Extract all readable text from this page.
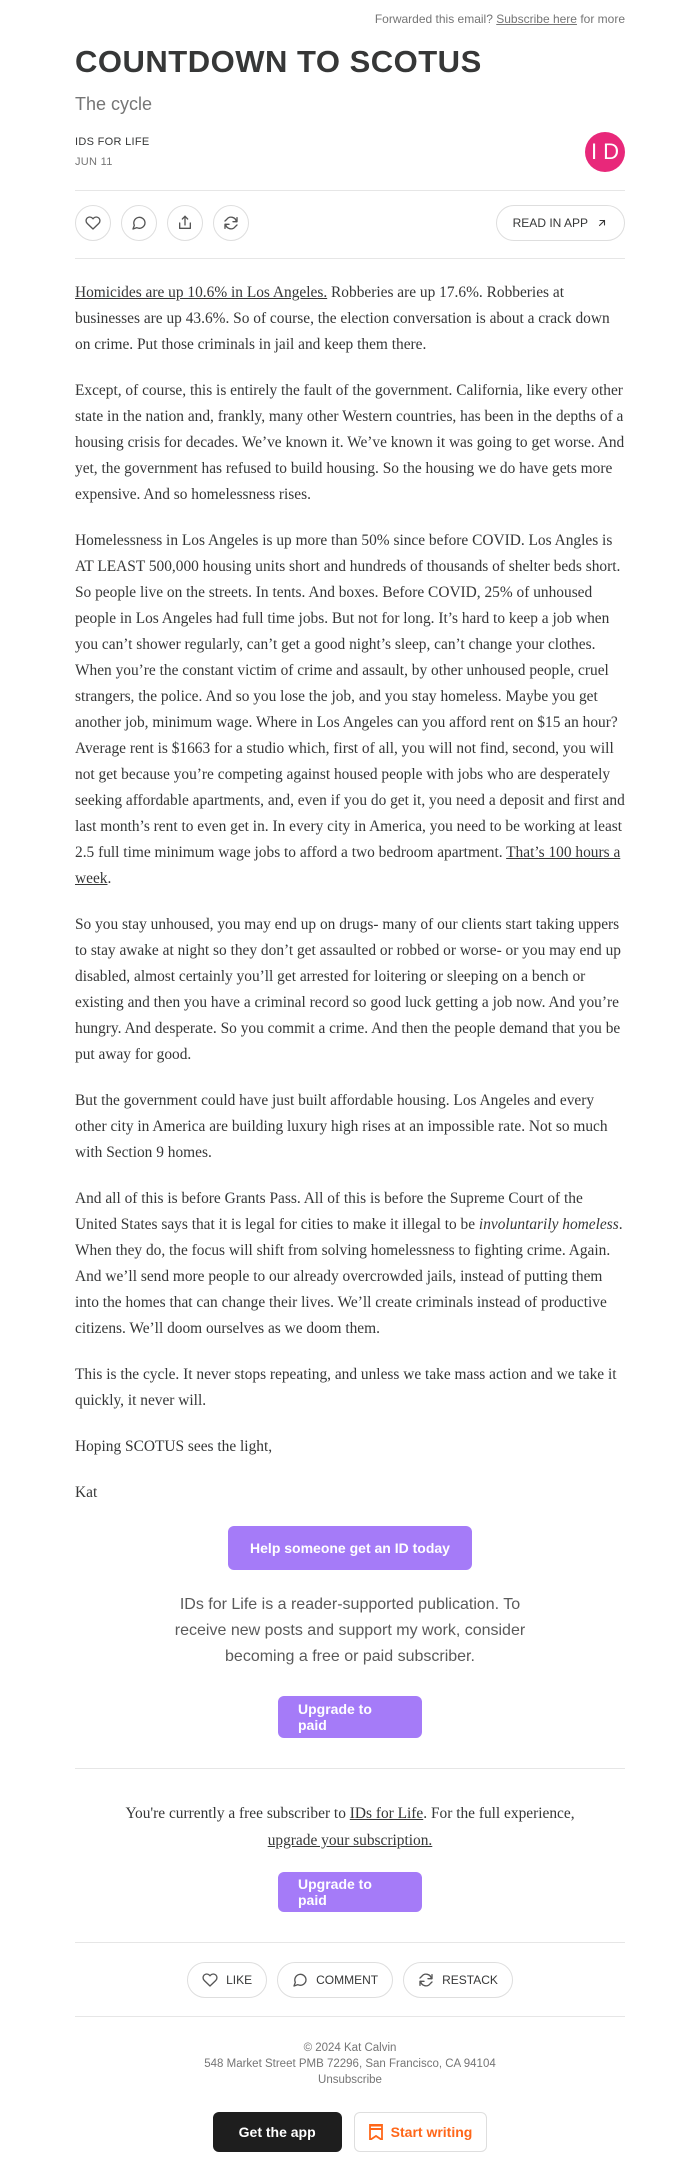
Forwarded this email? Subscribe here for more
COUNTDOWN TO SCOTUS
The cycle
IDS FOR LIFE
JUN 11	I D
READ IN APP

Homicides are up 10.6% in Los Angeles. Robberies are up 17.6%. Robberies at businesses are up 43.6%. So of course, the election conversation is about a crack down on crime. Put those criminals in jail and keep them there.

Except, of course, this is entirely the fault of the government. California, like every other state in the nation and, frankly, many other Western countries, has been in the depths of a housing crisis for decades. We’ve known it. We’ve known it was going to get worse. And yet, the government has refused to build housing. So the housing we do have gets more expensive. And so homelessness rises.

Homelessness in Los Angeles is up more than 50% since before COVID. Los Angles is AT LEAST 500,000 housing units short and hundreds of thousands of shelter beds short. So people live on the streets. In tents. And boxes. Before COVID, 25% of unhoused people in Los Angeles had full time jobs. But not for long. It’s hard to keep a job when you can’t shower regularly, can’t get a good night’s sleep, can’t change your clothes. When you’re the constant victim of crime and assault, by other unhoused people, cruel strangers, the police. And so you lose the job, and you stay homeless. Maybe you get another job, minimum wage. Where in Los Angeles can you afford rent on $15 an hour? Average rent is $1663 for a studio which, first of all, you will not find, second, you will not get because you’re competing against housed people with jobs who are desperately seeking affordable apartments, and, even if you do get it, you need a deposit and first and last month’s rent to even get in. In every city in America, you need to be working at least 2.5 full time minimum wage jobs to afford a two bedroom apartment. That’s 100 hours a week.

So you stay unhoused, you may end up on drugs- many of our clients start taking uppers to stay awake at night so they don’t get assaulted or robbed or worse- or you may end up disabled, almost certainly you’ll get arrested for loitering or sleeping on a bench or existing and then you have a criminal record so good luck getting a job now. And you’re hungry. And desperate. So you commit a crime. And then the people demand that you be put away for good.

But the government could have just built affordable housing. Los Angeles and every other city in America are building luxury high rises at an impossible rate. Not so much with Section 9 homes.

And all of this is before Grants Pass. All of this is before the Supreme Court of the United States says that it is legal for cities to make it illegal to be involuntarily homeless. When they do, the focus will shift from solving homelessness to fighting crime. Again. And we’ll send more people to our already overcrowded jails, instead of putting them into the homes that can change their lives. We’ll create criminals instead of productive citizens. We’ll doom ourselves as we doom them.

This is the cycle. It never stops repeating, and unless we take mass action and we take it quickly, it never will.

Hoping SCOTUS sees the light,

Kat

Help someone get an ID today
IDs for Life is a reader-supported publication. To receive new posts and support my work, consider becoming a free or paid subscriber.
Upgrade to paid
You're currently a free subscriber to IDs for Life. For the full experience,
upgrade your subscription.
Upgrade to paid
LIKE	COMMENT	RESTACK
© 2024 Kat Calvin
548 Market Street PMB 72296, San Francisco, CA 94104
Unsubscribe
Get the app	Start writing
